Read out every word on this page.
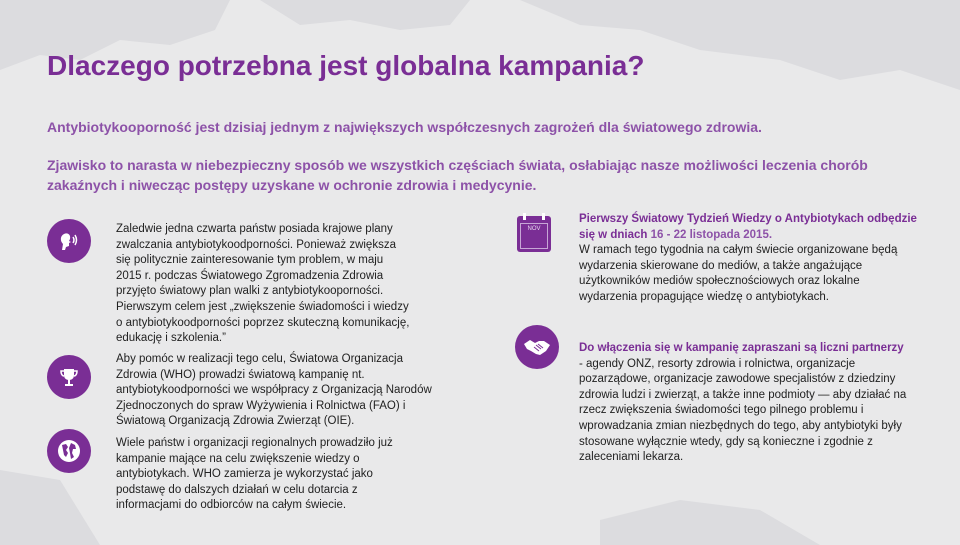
Dlaczego potrzebna jest globalna kampania?

Antybiotykooporność jest dzisiaj jednym z największych współczesnych zagrożeń dla światowego zdrowia.

Zjawisko to narasta w niebezpieczny sposób we wszystkich częściach świata, osłabiając nasze możliwości leczenia chorób zakaźnych i niwecząc postępy uzyskane w ochronie zdrowia i medycynie.

Zaledwie jedna czwarta państw posiada krajowe plany zwalczania antybiotykoodporności. Ponieważ zwiększa się politycznie zainteresowanie tym problem, w maju 2015 r. podczas Światowego Zgromadzenia Zdrowia przyjęto światowy plan walki z antybiotykooporności. Pierwszym celem jest „zwiększenie świadomości i wiedzy o antybiotykoodporności poprzez skuteczną komunikację, edukację i szkolenia.”

Aby pomóc w realizacji tego celu, Światowa Organizacja Zdrowia (WHO) prowadzi światową kampanię nt. antybiotykoodporności we współpracy z Organizacją Narodów Zjednoczonych do spraw Wyżywienia i Rolnictwa (FAO) i Światową Organizacją Zdrowia Zwierząt (OIE).

Wiele państw i organizacji regionalnych prowadziło już kampanie mające na celu zwiększenie wiedzy o antybiotykach. WHO zamierza je wykorzystać jako podstawę do dalszych działań w celu dotarcia z informacjami do odbiorców na całym świecie.

NOV

Pierwszy Światowy Tydzień Wiedzy o Antybiotykach odbędzie się w dniach 16 - 22 listopada 2015.
W ramach tego tygodnia na całym świecie organizowane będą wydarzenia skierowane do mediów, a także angażujące użytkowników mediów społecznościowych oraz lokalne wydarzenia propagujące wiedzę o antybiotykach.

Do włączenia się w kampanię zapraszani są liczni partnerzy - agendy ONZ, resorty zdrowia i rolnictwa, organizacje pozarządowe, organizacje zawodowe specjalistów z dziedziny zdrowia ludzi i zwierząt, a także inne podmioty — aby działać na rzecz zwiększenia świadomości tego pilnego problemu i wprowadzania zmian niezbędnych do tego, aby antybiotyki były stosowane wyłącznie wtedy, gdy są konieczne i zgodnie z zaleceniami lekarza.
